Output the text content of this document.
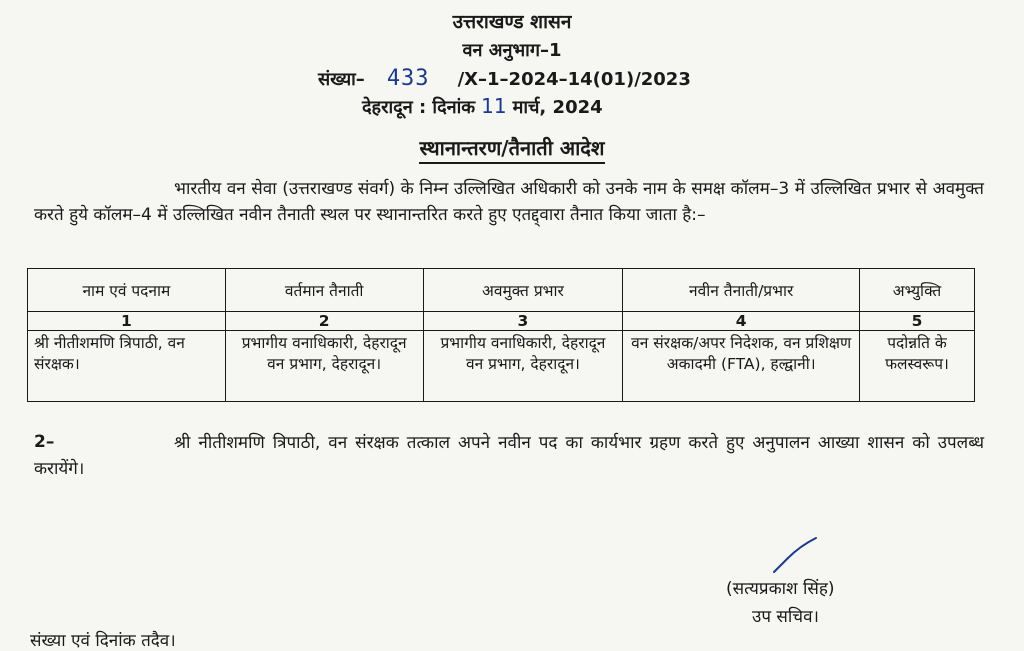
उत्तराखण्ड शासन
वन अनुभाग–1
संख्या– 433 /X–1–2024–14(01)/2023
देहरादून : दिनांक 11 मार्च, 2024
स्थानान्तरण/तैनाती आदेश
भारतीय वन सेवा (उत्तराखण्ड संवर्ग) के निम्न उल्लिखित अधिकारी को उनके नाम के समक्ष कॉलम–3 में उल्लिखित प्रभार से अवमुक्त करते हुये कॉलम–4 में उल्लिखित नवीन तैनाती स्थल पर स्थानान्तरित करते हुए एतद्द्वारा तैनात किया जाता है:–
नाम एवं पदनाम	वर्तमान तैनाती	अवमुक्त प्रभार	नवीन तैनाती/प्रभार	अभ्युक्ति
1	2	3	4	5
श्री नीतीशमणि त्रिपाठी, वन संरक्षक।	प्रभागीय वनाधिकारी, देहरादून वन प्रभाग, देहरादून।	प्रभागीय वनाधिकारी, देहरादून वन प्रभाग, देहरादून।	वन संरक्षक/अपर निदेशक, वन प्रशिक्षण अकादमी (FTA), हल्द्वानी।	पदोन्नति के फलस्वरूप।
2–	श्री नीतीशमणि त्रिपाठी, वन संरक्षक तत्काल अपने नवीन पद का कार्यभार ग्रहण करते हुए अनुपालन आख्या शासन को उपलब्ध करायेंगे।
(सत्यप्रकाश सिंह)
उप सचिव।
संख्या एवं दिनांक तदैव।
